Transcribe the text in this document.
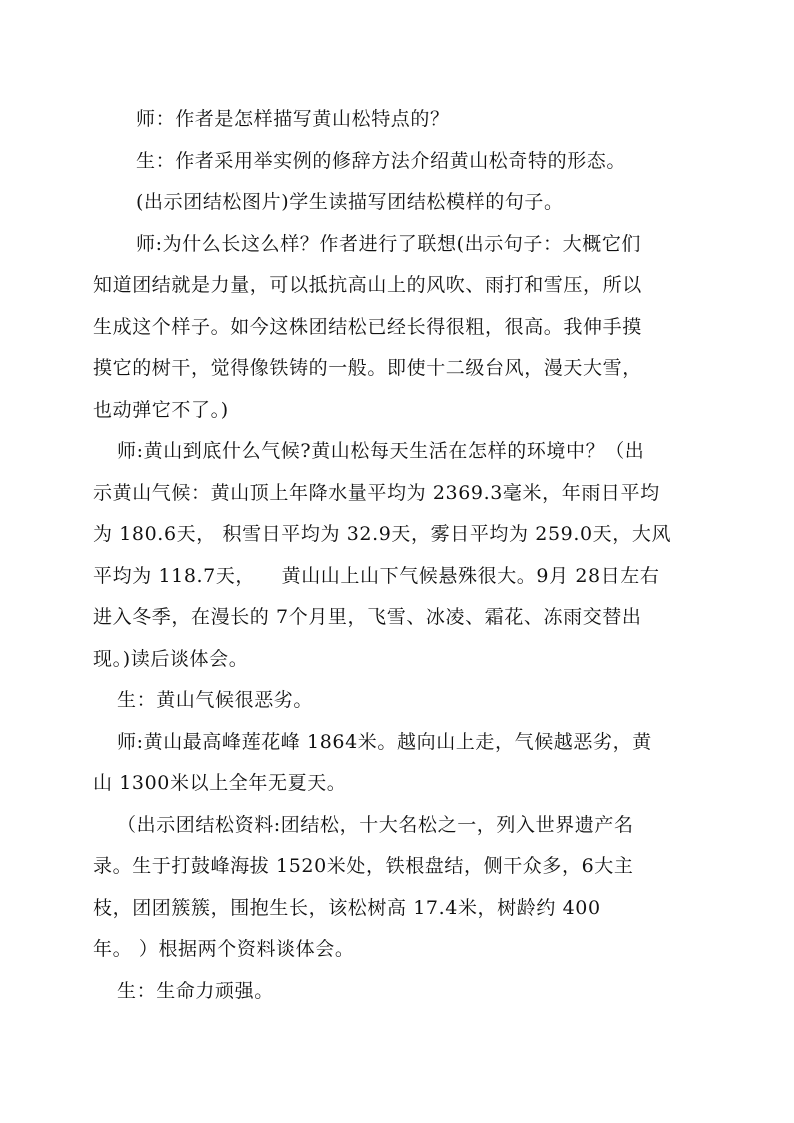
师：作者是怎样描写黄山松特点的？
生：作者采用举实例的修辞方法介绍黄山松奇特的形态。
(出示团结松图片)学生读描写团结松模样的句子。
师:为什么长这么样？作者进行了联想(出示句子：大概它们
知道团结就是力量，可以抵抗高山上的风吹、雨打和雪压，所以
生成这个样子。如今这株团结松已经长得很粗，很高。我伸手摸
摸它的树干，觉得像铁铸的一般。即使十二级台风，漫天大雪，
也动弹它不了。)
师:黄山到底什么气候?黄山松每天生活在怎样的环境中？（出
示黄山气候：黄山顶上年降水量平均为 2369.3毫米，年雨日平均
为 180.6天， 积雪日平均为 32.9天，雾日平均为 259.0天，大风
平均为 118.7天，    黄山山上山下气候悬殊很大。9月 28日左右
进入冬季，在漫长的 7个月里，飞雪、冰凌、霜花、冻雨交替出
现。)读后谈体会。
生：黄山气候很恶劣。
师:黄山最高峰莲花峰 1864米。越向山上走，气候越恶劣，黄
山 1300米以上全年无夏天。
（出示团结松资料:团结松，十大名松之一，列入世界遗产名
录。生于打鼓峰海拔 1520米处，铁根盘结，侧干众多，6大主
枝，团团簇簇，围抱生长，该松树高 17.4米，树龄约 400
年。 ）根据两个资料谈体会。
生：生命力顽强。
